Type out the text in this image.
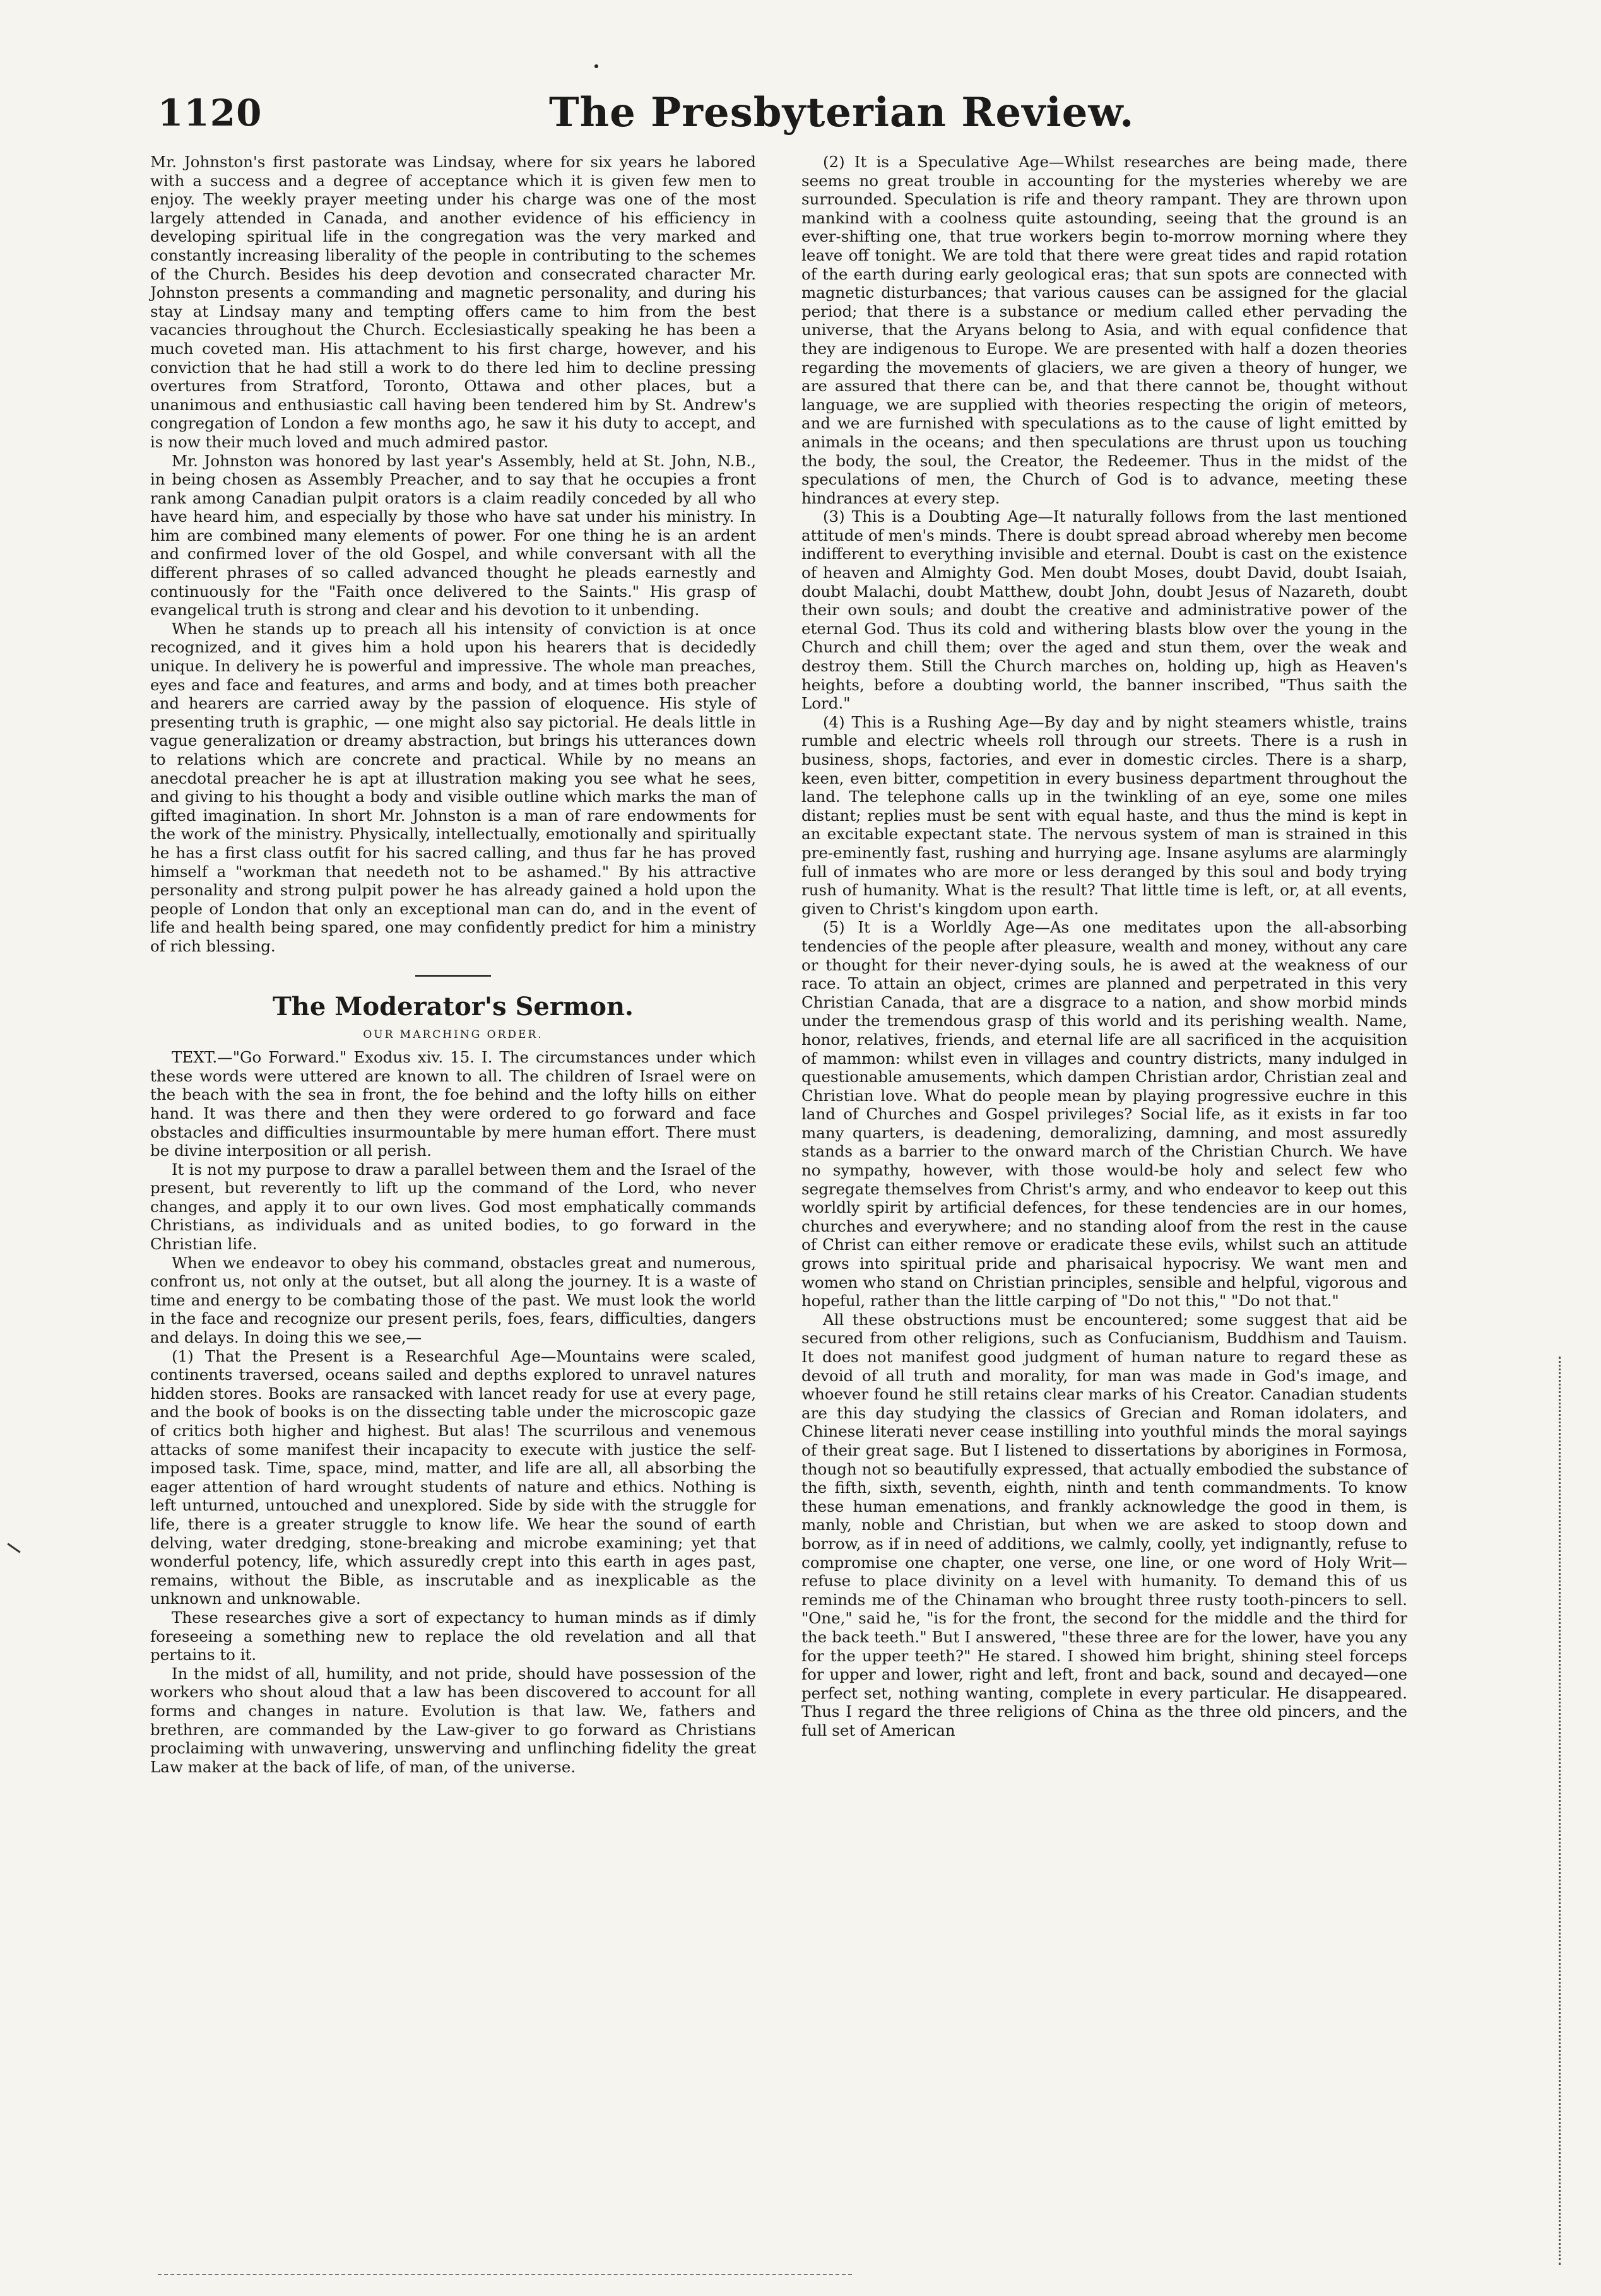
1120	The Presbyterian Review.

Mr. Johnston's first pastorate was Lindsay, where for six years he labored with a success and a degree of acceptance which it is given few men to enjoy. The weekly prayer meeting under his charge was one of the most largely attended in Canada, and another evidence of his efficiency in developing spiritual life in the congregation was the very marked and constantly increasing liberality of the people in contributing to the schemes of the Church. Besides his deep devotion and consecrated character Mr. Johnston presents a commanding and magnetic personality, and during his stay at Lindsay many and tempting offers came to him from the best vacancies throughout the Church. Ecclesiastically speaking he has been a much coveted man. His attachment to his first charge, however, and his conviction that he had still a work to do there led him to decline pressing overtures from Stratford, Toronto, Ottawa and other places, but a unanimous and enthusiastic call having been tendered him by St. Andrew's congregation of London a few months ago, he saw it his duty to accept, and is now their much loved and much admired pastor.

Mr. Johnston was honored by last year's Assembly, held at St. John, N.B., in being chosen as Assembly Preacher, and to say that he occupies a front rank among Canadian pulpit orators is a claim readily conceded by all who have heard him, and especially by those who have sat under his ministry. In him are combined many elements of power. For one thing he is an ardent and confirmed lover of the old Gospel, and while conversant with all the different phrases of so called advanced thought he pleads earnestly and continuously for the "Faith once delivered to the Saints." His grasp of evangelical truth is strong and clear and his devotion to it unbending.

When he stands up to preach all his intensity of conviction is at once recognized, and it gives him a hold upon his hearers that is decidedly unique. In delivery he is powerful and impressive. The whole man preaches, eyes and face and features, and arms and body, and at times both preacher and hearers are carried away by the passion of eloquence. His style of presenting truth is graphic, — one might also say pictorial. He deals little in vague generalization or dreamy abstraction, but brings his utterances down to relations which are concrete and practical. While by no means an anecdotal preacher he is apt at illustration making you see what he sees, and giving to his thought a body and visible outline which marks the man of gifted imagination. In short Mr. Johnston is a man of rare endowments for the work of the ministry. Physically, intellectually, emotionally and spiritually he has a first class outfit for his sacred calling, and thus far he has proved himself a "workman that needeth not to be ashamed." By his attractive personality and strong pulpit power he has already gained a hold upon the people of London that only an exceptional man can do, and in the event of life and health being spared, one may confidently predict for him a ministry of rich blessing.

The Moderator's Sermon.
OUR MARCHING ORDER.

TEXT.—"Go Forward." Exodus xiv. 15. I. The circumstances under which these words were uttered are known to all. The children of Israel were on the beach with the sea in front, the foe behind and the lofty hills on either hand. It was there and then they were ordered to go forward and face obstacles and difficulties insurmountable by mere human effort. There must be divine interposition or all perish.

It is not my purpose to draw a parallel between them and the Israel of the present, but reverently to lift up the command of the Lord, who never changes, and apply it to our own lives. God most emphatically commands Christians, as individuals and as united bodies, to go forward in the Christian life.

When we endeavor to obey his command, obstacles great and numerous, confront us, not only at the outset, but all along the journey. It is a waste of time and energy to be combating those of the past. We must look the world in the face and recognize our present perils, foes, fears, difficulties, dangers and delays. In doing this we see,—

(1) That the Present is a Researchful Age—Mountains were scaled, continents traversed, oceans sailed and depths explored to unravel natures hidden stores. Books are ransacked with lancet ready for use at every page, and the book of books is on the dissecting table under the microscopic gaze of critics both higher and highest. But alas! The scurrilous and venemous attacks of some manifest their incapacity to execute with justice the self-imposed task. Time, space, mind, matter, and life are all, all absorbing the eager attention of hard wrought students of nature and ethics. Nothing is left unturned, untouched and unexplored. Side by side with the struggle for life, there is a greater struggle to know life. We hear the sound of earth delving, water dredging, stone-breaking and microbe examining; yet that wonderful potency, life, which assuredly crept into this earth in ages past, remains, without the Bible, as inscrutable and as inexplicable as the unknown and unknowable.

These researches give a sort of expectancy to human minds as if dimly foreseeing a something new to replace the old revelation and all that pertains to it.

In the midst of all, humility, and not pride, should have possession of the workers who shout aloud that a law has been discovered to account for all forms and changes in nature. Evolution is that law. We, fathers and brethren, are commanded by the Law-giver to go forward as Christians proclaiming with unwavering, unswerving and unflinching fidelity the great Law maker at the back of life, of man, of the universe.

(2) It is a Speculative Age—Whilst researches are being made, there seems no great trouble in accounting for the mysteries whereby we are surrounded. Speculation is rife and theory rampant. They are thrown upon mankind with a coolness quite astounding, seeing that the ground is an ever-shifting one, that true workers begin to-morrow morning where they leave off tonight. We are told that there were great tides and rapid rotation of the earth during early geological eras; that sun spots are connected with magnetic disturbances; that various causes can be assigned for the glacial period; that there is a substance or medium called ether pervading the universe, that the Aryans belong to Asia, and with equal confidence that they are indigenous to Europe. We are presented with half a dozen theories regarding the movements of glaciers, we are given a theory of hunger, we are assured that there can be, and that there cannot be, thought without language, we are supplied with theories respecting the origin of meteors, and we are furnished with speculations as to the cause of light emitted by animals in the oceans; and then speculations are thrust upon us touching the body, the soul, the Creator, the Redeemer. Thus in the midst of the speculations of men, the Church of God is to advance, meeting these hindrances at every step.

(3) This is a Doubting Age—It naturally follows from the last mentioned attitude of men's minds. There is doubt spread abroad whereby men become indifferent to everything invisible and eternal. Doubt is cast on the existence of heaven and Almighty God. Men doubt Moses, doubt David, doubt Isaiah, doubt Malachi, doubt Matthew, doubt John, doubt Jesus of Nazareth, doubt their own souls; and doubt the creative and administrative power of the eternal God. Thus its cold and withering blasts blow over the young in the Church and chill them; over the aged and stun them, over the weak and destroy them. Still the Church marches on, holding up, high as Heaven's heights, before a doubting world, the banner inscribed, "Thus saith the Lord."

(4) This is a Rushing Age—By day and by night steamers whistle, trains rumble and electric wheels roll through our streets. There is a rush in business, shops, factories, and ever in domestic circles. There is a sharp, keen, even bitter, competition in every business department throughout the land. The telephone calls up in the twinkling of an eye, some one miles distant; replies must be sent with equal haste, and thus the mind is kept in an excitable expectant state. The nervous system of man is strained in this pre-eminently fast, rushing and hurrying age. Insane asylums are alarmingly full of inmates who are more or less deranged by this soul and body trying rush of humanity. What is the result? That little time is left, or, at all events, given to Christ's kingdom upon earth.

(5) It is a Worldly Age—As one meditates upon the all-absorbing tendencies of the people after pleasure, wealth and money, without any care or thought for their never-dying souls, he is awed at the weakness of our race. To attain an object, crimes are planned and perpetrated in this very Christian Canada, that are a disgrace to a nation, and show morbid minds under the tremendous grasp of this world and its perishing wealth. Name, honor, relatives, friends, and eternal life are all sacrificed in the acquisition of mammon: whilst even in villages and country districts, many indulged in questionable amusements, which dampen Christian ardor, Christian zeal and Christian love. What do people mean by playing progressive euchre in this land of Churches and Gospel privileges? Social life, as it exists in far too many quarters, is deadening, demoralizing, damning, and most assuredly stands as a barrier to the onward march of the Christian Church. We have no sympathy, however, with those would-be holy and select few who segregate themselves from Christ's army, and who endeavor to keep out this worldly spirit by artificial defences, for these tendencies are in our homes, churches and everywhere; and no standing aloof from the rest in the cause of Christ can either remove or eradicate these evils, whilst such an attitude grows into spiritual pride and pharisaical hypocrisy. We want men and women who stand on Christian principles, sensible and helpful, vigorous and hopeful, rather than the little carping of "Do not this," "Do not that."

All these obstructions must be encountered; some suggest that aid be secured from other religions, such as Confucianism, Buddhism and Tauism. It does not manifest good judgment of human nature to regard these as devoid of all truth and morality, for man was made in God's image, and whoever found he still retains clear marks of his Creator. Canadian students are this day studying the classics of Grecian and Roman idolaters, and Chinese literati never cease instilling into youthful minds the moral sayings of their great sage. But I listened to dissertations by aborigines in Formosa, though not so beautifully expressed, that actually embodied the substance of the fifth, sixth, seventh, eighth, ninth and tenth commandments. To know these human emenations, and frankly acknowledge the good in them, is manly, noble and Christian, but when we are asked to stoop down and borrow, as if in need of additions, we calmly, coolly, yet indignantly, refuse to compromise one chapter, one verse, one line, or one word of Holy Writ—refuse to place divinity on a level with humanity. To demand this of us reminds me of the Chinaman who brought three rusty tooth-pincers to sell. "One," said he, "is for the front, the second for the middle and the third for the back teeth." But I answered, "these three are for the lower, have you any for the upper teeth?" He stared. I showed him bright, shining steel forceps for upper and lower, right and left, front and back, sound and decayed—one perfect set, nothing wanting, complete in every particular. He disappeared. Thus I regard the three religions of China as the three old pincers, and the full set of American
